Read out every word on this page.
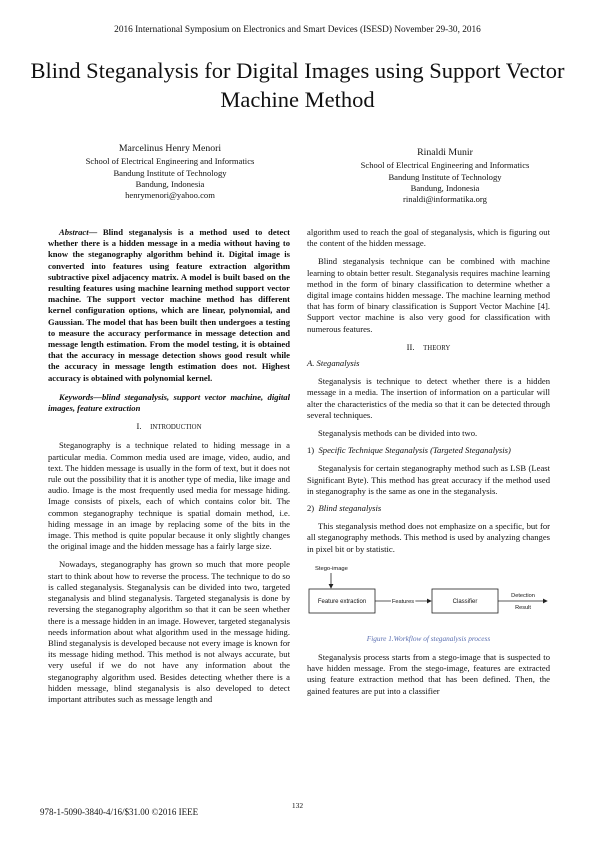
2016 International Symposium on Electronics and Smart Devices (ISESD) November 29-30, 2016
Blind Steganalysis for Digital Images using Support Vector Machine Method
Marcelinus Henry Menori
School of Electrical Engineering and Informatics
Bandung Institute of Technology
Bandung, Indonesia
henrymenori@yahoo.com
Rinaldi Munir
School of Electrical Engineering and Informatics
Bandung Institute of Technology
Bandung, Indonesia
rinaldi@informatika.org

Abstract— Blind steganalysis is a method used to detect whether there is a hidden message in a media without having to know the steganography algorithm behind it. Digital image is converted into features using feature extraction algorithm subtractive pixel adjacency matrix. A model is built based on the resulting features using machine learning method support vector machine. The support vector machine method has different kernel configuration options, which are linear, polynomial, and Gaussian. The model that has been built then undergoes a testing to measure the accuracy performance in message detection and message length estimation. From the model testing, it is obtained that the accuracy in message detection shows good result while the accuracy in message length estimation does not. Highest accuracy is obtained with polynomial kernel.

Keywords—blind steganalysis, support vector machine, digital images, feature extraction

I. INTRODUCTION

Steganography is a technique related to hiding message in a particular media. Common media used are image, video, audio, and text. The hidden message is usually in the form of text, but it does not rule out the possibility that it is another type of media, like image and audio. Image is the most frequently used media for message hiding. Image consists of pixels, each of which contains color bit. The common steganography technique is spatial domain method, i.e. hiding message in an image by replacing some of the bits in the image. This method is quite popular because it only slightly changes the original image and the hidden message has a fairly large size.

Nowadays, steganography has grown so much that more people start to think about how to reverse the process. The technique to do so is called steganalysis. Steganalysis can be divided into two, targeted steganalysis and blind steganalysis. Targeted steganalysis is done by reversing the steganography algorithm so that it can be seen whether there is a message hidden in an image. However, targeted steganalysis needs information about what algorithm used in the message hiding. Blind steganalysis is developed because not every image is known for its message hiding method. This method is not always accurate, but very useful if we do not have any information about the steganography algorithm used. Besides detecting whether there is a hidden message, blind steganalysis is also developed to detect important attributes such as message length and

algorithm used to reach the goal of steganalysis, which is figuring out the content of the hidden message.

Blind steganalysis technique can be combined with machine learning to obtain better result. Steganalysis requires machine learning method in the form of binary classification to determine whether a digital image contains hidden message. The machine learning method that has form of binary classification is Support Vector Machine [4]. Support vector machine is also very good for classification with numerous features.

II. THEORY

A. Steganalysis

Steganalysis is technique to detect whether there is a hidden message in a media. The insertion of information on a particular will alter the characteristics of the media so that it can be detected through several techniques.

Steganalysis methods can be divided into two.

1) Specific Technique Steganalysis (Targeted Steganalysis)

Steganalysis for certain steganography method such as LSB (Least Significant Byte). This method has great accuracy if the method used in steganography is the same as one in the steganalysis.

2) Blind steganalysis

This steganalysis method does not emphasize on a specific, but for all steganography methods. This method is used by analyzing changes in pixel bit or by statistic.

Stego-image
Feature extraction	Features	Classifier
Detection
Result

Figure 1.Workflow of steganalysis process

Steganalysis process starts from a stego-image that is suspected to have hidden message. From the stego-image, features are extracted using feature extraction method that has been defined. Then, the gained features are put into a classifier

132
978-1-5090-3840-4/16/$31.00 ©2016 IEEE
